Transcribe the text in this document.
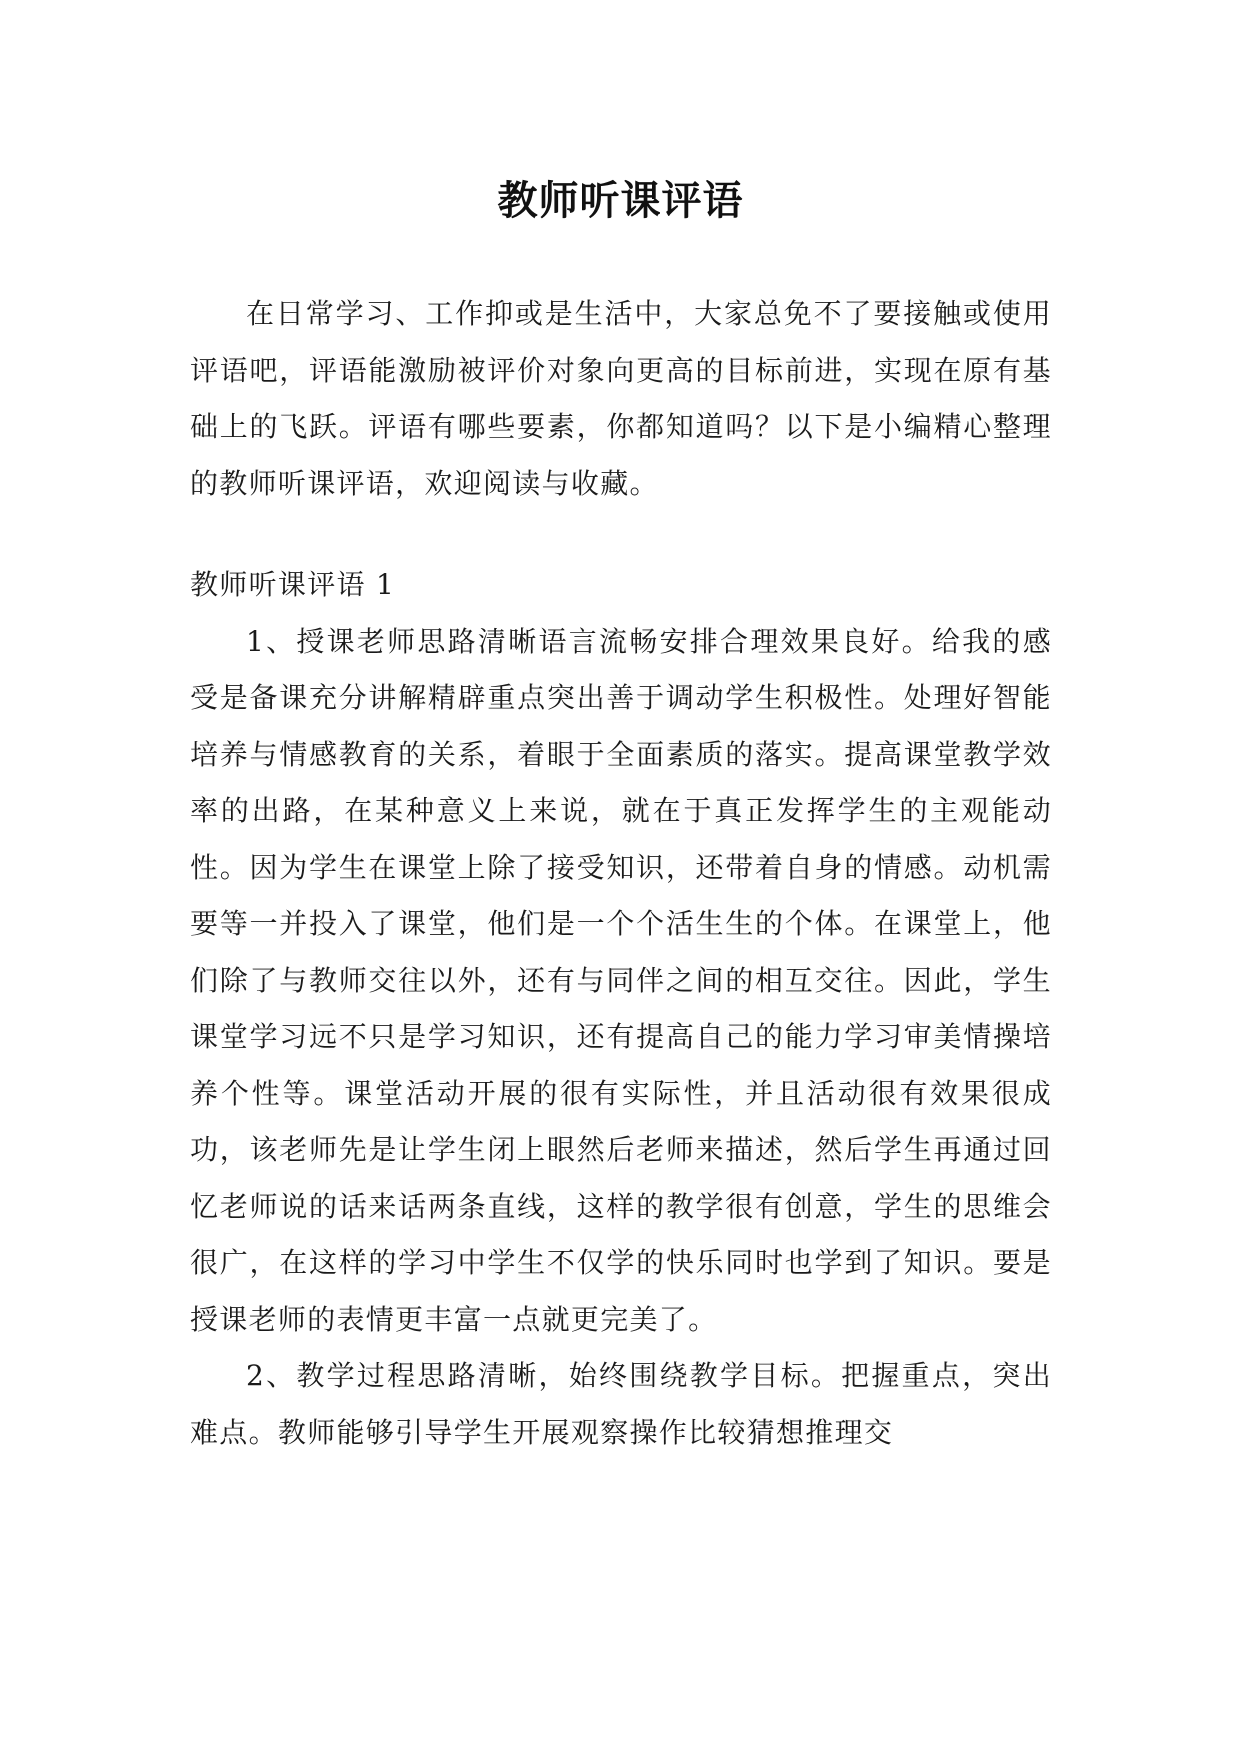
教师听课评语

在日常学习、工作抑或是生活中，大家总免不了要接触或使用评语吧，评语能激励被评价对象向更高的目标前进，实现在原有基础上的飞跃。评语有哪些要素，你都知道吗？以下是小编精心整理的教师听课评语，欢迎阅读与收藏。

教师听课评语 1

1、授课老师思路清晰语言流畅安排合理效果良好。给我的感受是备课充分讲解精辟重点突出善于调动学生积极性。处理好智能培养与情感教育的关系，着眼于全面素质的落实。提高课堂教学效率的出路，在某种意义上来说，就在于真正发挥学生的主观能动性。因为学生在课堂上除了接受知识，还带着自身的情感。动机需要等一并投入了课堂，他们是一个个活生生的个体。在课堂上，他们除了与教师交往以外，还有与同伴之间的相互交往。因此，学生课堂学习远不只是学习知识，还有提高自己的能力学习审美情操培养个性等。课堂活动开展的很有实际性，并且活动很有效果很成功，该老师先是让学生闭上眼然后老师来描述，然后学生再通过回忆老师说的话来话两条直线，这样的教学很有创意，学生的思维会很广，在这样的学习中学生不仅学的快乐同时也学到了知识。要是授课老师的表情更丰富一点就更完美了。

2、教学过程思路清晰，始终围绕教学目标。把握重点，突出难点。教师能够引导学生开展观察操作比较猜想推理交
